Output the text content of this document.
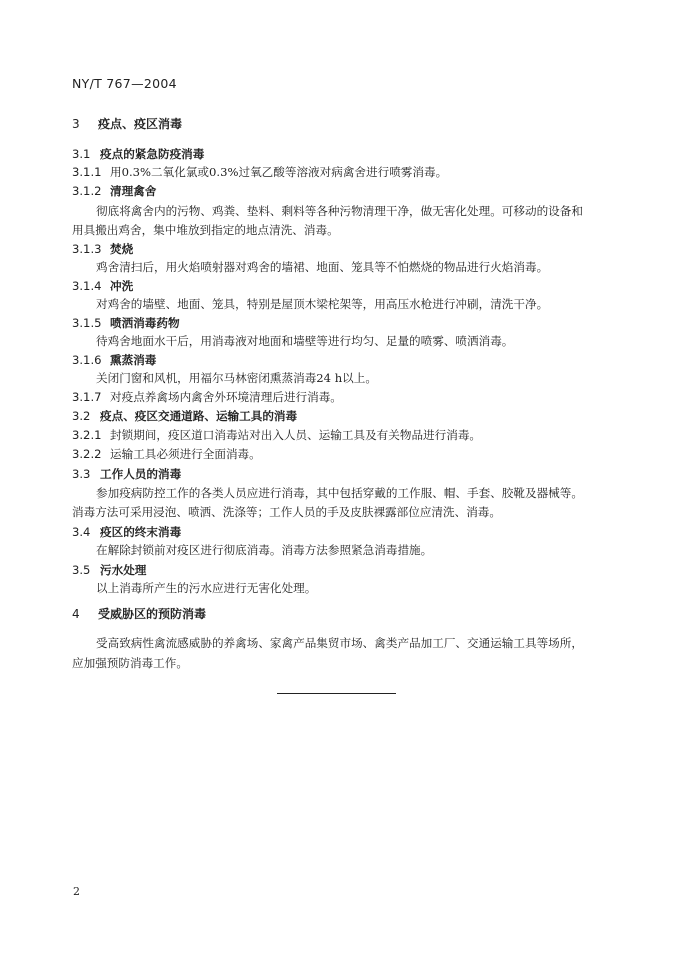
NY/T 767—2004
3 疫点、疫区消毒
3.1 疫点的紧急防疫消毒
3.1.1 用0.3%二氧化氯或0.3%过氧乙酸等溶液对病禽舍进行喷雾消毒。
3.1.2 清理禽舍
彻底将禽舍内的污物、鸡粪、垫料、剩料等各种污物清理干净，做无害化处理。可移动的设备和
用具搬出鸡舍，集中堆放到指定的地点清洗、消毒。
3.1.3 焚烧
鸡舍清扫后，用火焰喷射器对鸡舍的墙裙、地面、笼具等不怕燃烧的物品进行火焰消毒。
3.1.4 冲洗
对鸡舍的墙壁、地面、笼具，特别是屋顶木梁柁架等，用高压水枪进行冲刷，清洗干净。
3.1.5 喷洒消毒药物
待鸡舍地面水干后，用消毒液对地面和墙壁等进行均匀、足量的喷雾、喷洒消毒。
3.1.6 熏蒸消毒
关闭门窗和风机，用福尔马林密闭熏蒸消毒24 h以上。
3.1.7 对疫点养禽场内禽舍外环境清理后进行消毒。
3.2 疫点、疫区交通道路、运输工具的消毒
3.2.1 封锁期间，疫区道口消毒站对出入人员、运输工具及有关物品进行消毒。
3.2.2 运输工具必须进行全面消毒。
3.3 工作人员的消毒
参加疫病防控工作的各类人员应进行消毒，其中包括穿戴的工作服、帽、手套、胶靴及器械等。
消毒方法可采用浸泡、喷洒、洗涤等；工作人员的手及皮肤裸露部位应清洗、消毒。
3.4 疫区的终末消毒
在解除封锁前对疫区进行彻底消毒。消毒方法参照紧急消毒措施。
3.5 污水处理
以上消毒所产生的污水应进行无害化处理。
4 受威胁区的预防消毒
受高致病性禽流感威胁的养禽场、家禽产品集贸市场、禽类产品加工厂、交通运输工具等场所，
应加强预防消毒工作。
2
